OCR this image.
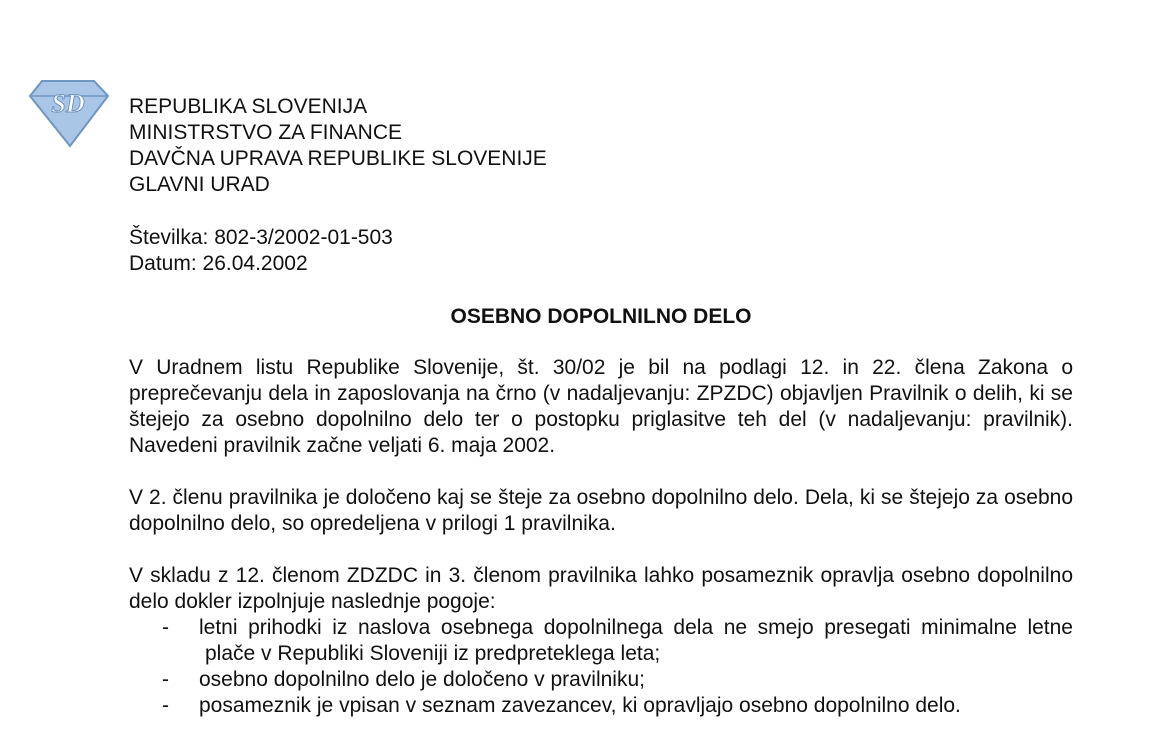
SD REPUBLIKA SLOVENIJA
MINISTRSTVO ZA FINANCE
DAVČNA UPRAVA REPUBLIKE SLOVENIJE
GLAVNI URAD
Številka: 802-3/2002-01-503
Datum: 26.04.2002
OSEBNO DOPOLNILNO DELO

V Uradnem listu Republike Slovenije, št. 30/02 je bil na podlagi 12. in 22. člena Zakona o preprečevanju dela in zaposlovanja na črno (v nadaljevanju: ZPZDC) objavljen Pravilnik o delih, ki se štejejo za osebno dopolnilno delo ter o postopku priglasitve teh del (v nadaljevanju: pravilnik). Navedeni pravilnik začne veljati 6. maja 2002.

V 2. členu pravilnika je določeno kaj se šteje za osebno dopolnilno delo. Dela, ki se štejejo za osebno dopolnilno delo, so opredeljena v prilogi 1 pravilnika.

V skladu z 12. členom ZDZDC in 3. členom pravilnika lahko posameznik opravlja osebno dopolnilno delo dokler izpolnjuje naslednje pogoje:

- letni prihodki iz naslova osebnega dopolnilnega dela ne smejo presegati minimalne letne plače v Republiki Sloveniji iz predpreteklega leta;
- osebno dopolnilno delo je določeno v pravilniku;
- posameznik je vpisan v seznam zavezancev, ki opravljajo osebno dopolnilno delo.
